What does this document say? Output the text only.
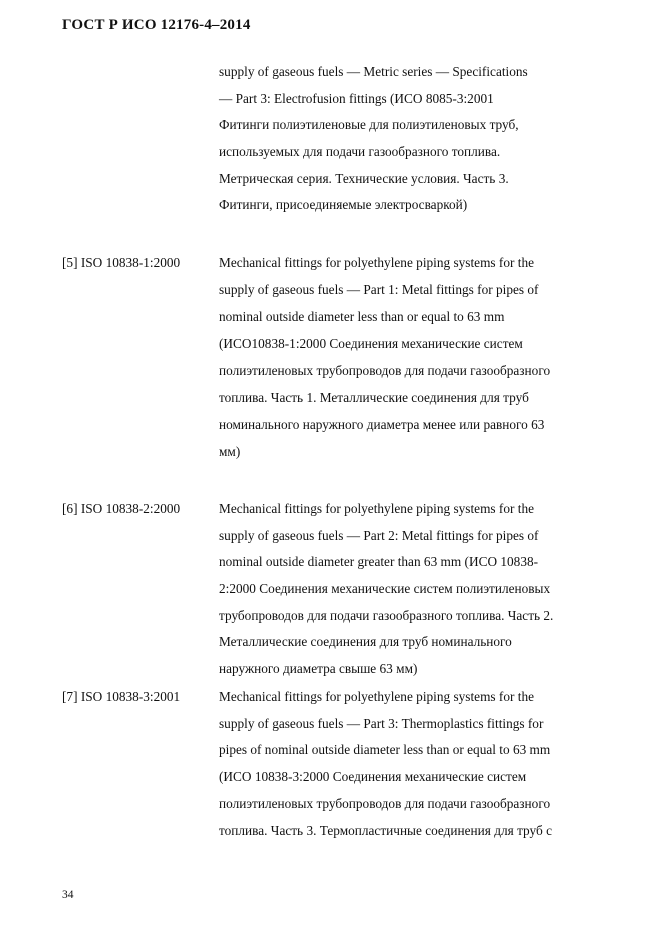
ГОСТ Р ИСО 12176-4–2014
supply of gaseous fuels — Metric series — Specifications
— Part 3: Electrofusion fittings (ИСО 8085-3:2001
Фитинги полиэтиленовые для полиэтиленовых труб,
используемых для подачи газообразного топлива.
Метрическая серия. Технические условия. Часть 3.
Фитинги, присоединяемые электросваркой)
[5] ISO 10838-1:2000	Mechanical fittings for polyethylene piping systems for the
supply of gaseous fuels — Part 1: Metal fittings for pipes of
nominal outside diameter less than or equal to 63 mm
(ИСО10838-1:2000 Соединения механические систем
полиэтиленовых трубопроводов для подачи газообразного
топлива. Часть 1. Металлические соединения для труб
номинального наружного диаметра менее или равного 63
мм)
[6] ISO 10838-2:2000	Mechanical fittings for polyethylene piping systems for the
supply of gaseous fuels — Part 2: Metal fittings for pipes of
nominal outside diameter greater than 63 mm (ИСО 10838-
2:2000 Соединения механические систем полиэтиленовых
трубопроводов для подачи газообразного топлива. Часть 2.
Металлические соединения для труб номинального
наружного диаметра свыше 63 мм)
[7] ISO 10838-3:2001	Mechanical fittings for polyethylene piping systems for the
supply of gaseous fuels — Part 3: Thermoplastics fittings for
pipes of nominal outside diameter less than or equal to 63 mm
(ИСО 10838-3:2000 Соединения механические систем
полиэтиленовых трубопроводов для подачи газообразного
топлива. Часть 3. Термопластичные соединения для труб с
34
